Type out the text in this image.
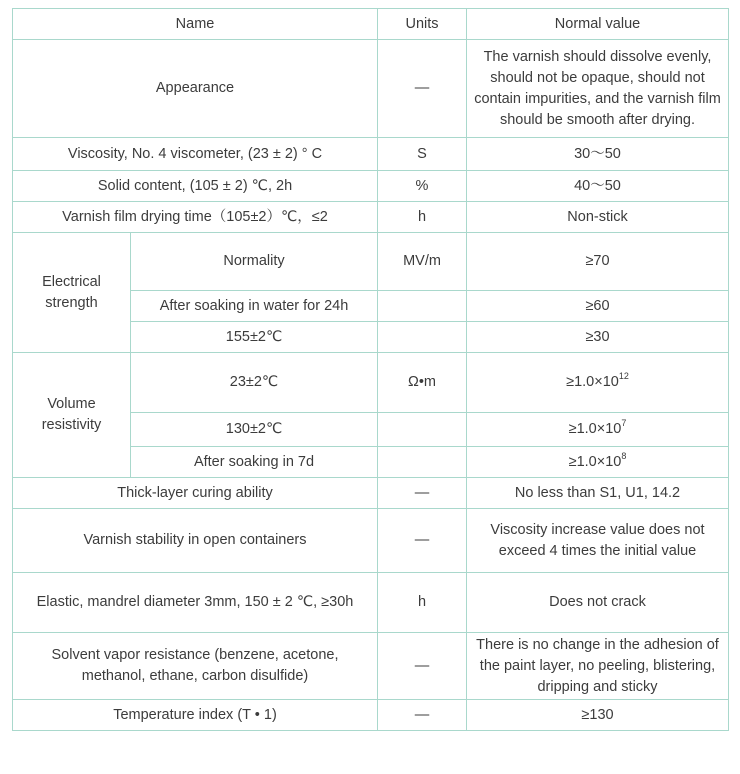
Name		Units	Normal value
Appearance		—	The varnish should dissolve evenly, should not be opaque, should not contain impurities, and the varnish film should be smooth after drying.
Viscosity, No. 4 viscometer, (23 ± 2) ° C		S	30～50
Solid content, (105 ± 2) ℃, 2h		%	40～50
Varnish film drying time（105±2）℃，≤2		h	Non-stick
Electrical strength	Normality	MV/m	≥70
	After soaking in water for 24h		≥60
	155±2℃		≥30
Volume resistivity	23±2℃	Ω•m	$\ge 1.0\times 10^{12}$
	130±2℃		$\ge 1.0\times 10^7$
	After soaking in 7d		$\ge 1.0\times 10^8$
Thick-layer curing ability		—	No less than S1, U1, 14.2
Varnish stability in open containers		—	Viscosity increase value does not exceed 4 times the initial value
Elastic, mandrel diameter 3mm, 150 ± 2 ℃, ≥30h		h	Does not crack
Solvent vapor resistance (benzene, acetone, methanol, ethane, carbon disulfide)		—	There is no change in the adhesion of the paint layer, no peeling, blistering, dripping and sticky
Temperature index (T • 1)		—	≥130
